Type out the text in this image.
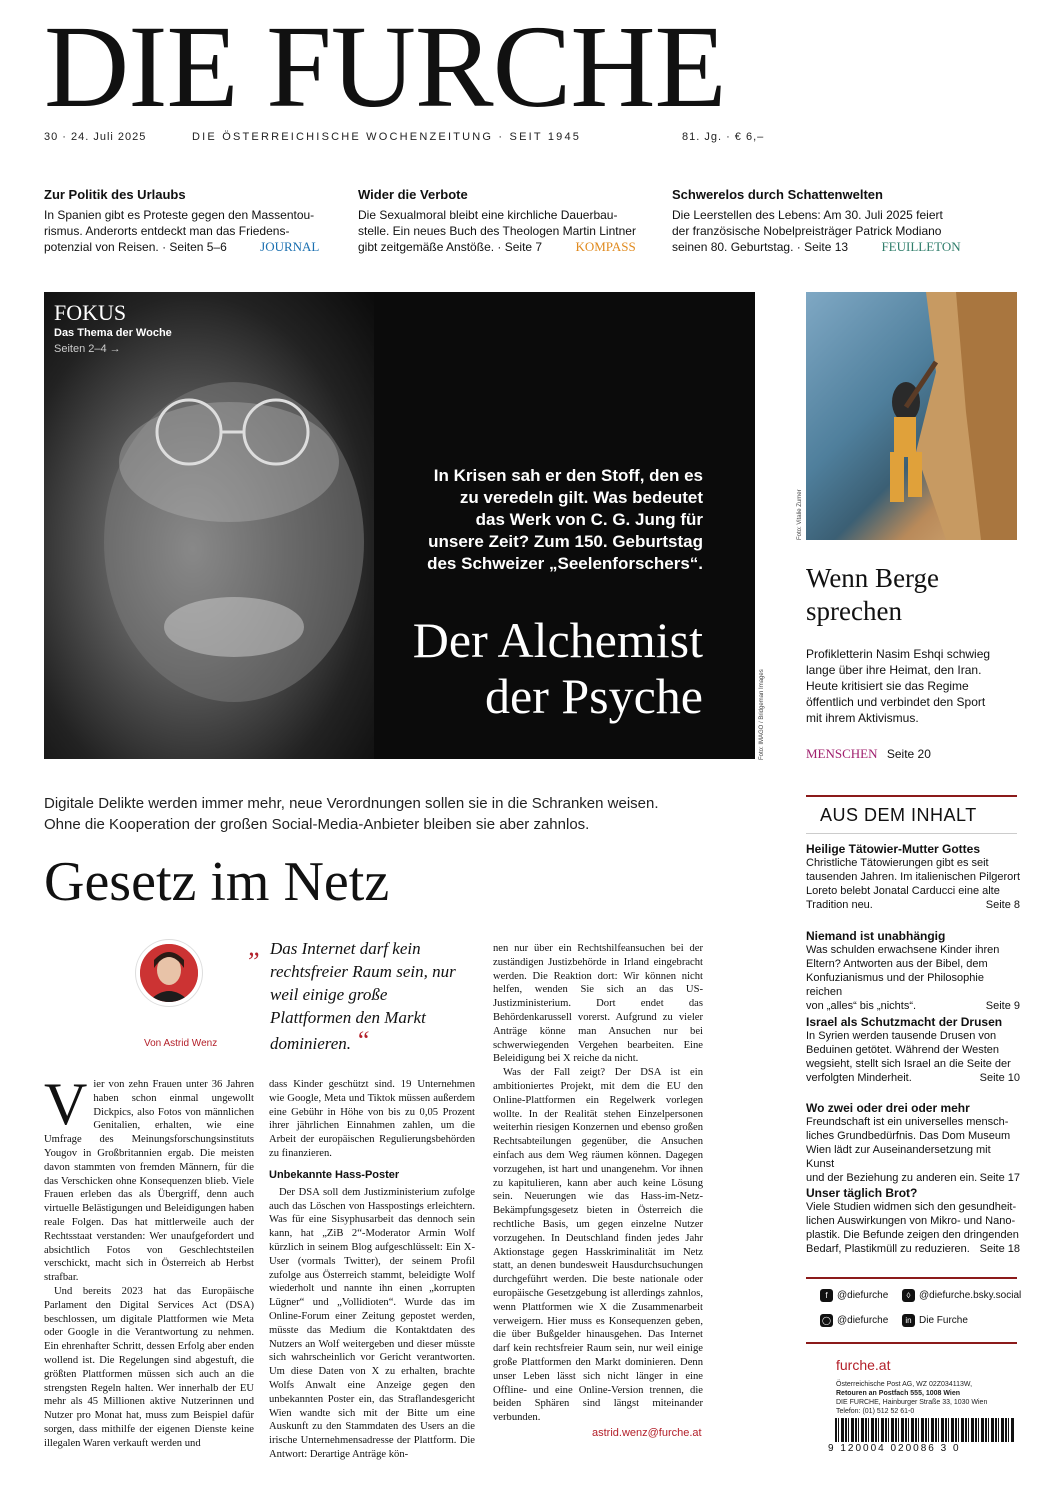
DIE FURCHE
30 · 24. Juli 2025	DIE ÖSTERREICHISCHE WOCHENZEITUNG · SEIT 1945	81. Jg. · € 6,–
Zur Politik des Urlaubs
In Spanien gibt es Proteste gegen den Massentou-
rismus. Anderorts entdeckt man das Friedens-
potenzial von Reisen. · Seiten 5–6	JOURNAL
Wider die Verbote
Die Sexualmoral bleibt eine kirchliche Dauerbau-
stelle. Ein neues Buch des Theologen Martin Lintner
gibt zeitgemäße Anstöße. · Seite 7	KOMPASS
Schwerelos durch Schattenwelten
Die Leerstellen des Lebens: Am 30. Juli 2025 feiert
der französische Nobelpreisträger Patrick Modiano
seinen 80. Geburtstag. · Seite 13	FEUILLETON
FOKUS
Das Thema der Woche
Seiten 2–4 →
In Krisen sah er den Stoff, den es
zu veredeln gilt. Was bedeutet
das Werk von C. G. Jung für
unsere Zeit? Zum 150. Geburtstag
des Schweizer „Seelenforschers“.
Der Alchemist
der Psyche	Foto: IMAGO / Bridgeman Images
Foto: Vitalie Zumer
Wenn Berge
sprechen
Profikletterin Nasim Eshqi schwieg
lange über ihre Heimat, den Iran.
Heute kritisiert sie das Regime
öffentlich und verbindet den Sport
mit ihrem Aktivismus.
MENSCHEN Seite 20
Digitale Delikte werden immer mehr, neue Verordnungen sollen sie in die Schranken weisen.
Ohne die Kooperation der großen Social-Media-Anbieter bleiben sie aber zahnlos.
Gesetz im Netz
Von Astrid Wenz
„ Das Internet darf kein rechtsfreier Raum sein, nur weil einige große Plattformen den Markt dominieren. “
V ier von zehn Frauen unter 36 Jahren haben schon einmal ungewollt Dickpics, also Fotos von männlichen Genitalien, erhalten, wie eine Umfrage des Meinungsforschungsinstituts Yougov in Großbritannien ergab. Die meisten davon stammten von fremden Männern, für die das Verschicken ohne Konsequenzen blieb. Viele Frauen erleben das als Übergriff, denn auch virtuelle Belästigungen und Beleidigungen haben reale Folgen. Das hat mittlerweile auch der Rechtsstaat verstanden: Wer unaufgefordert und absichtlich Fotos von Geschlechtsteilen verschickt, macht sich in Österreich ab Herbst strafbar.
Und bereits 2023 hat das Europäische Parlament den Digital Services Act (DSA) beschlossen, um digitale Plattformen wie Meta oder Google in die Verantwortung zu nehmen. Ein ehrenhafter Schritt, dessen Erfolg aber enden wollend ist. Die Regelungen sind abgestuft, die größten Plattformen müssen sich auch an die strengsten Regeln halten. Wer innerhalb der EU mehr als 45 Millionen aktive Nutzerinnen und Nutzer pro Monat hat, muss zum Beispiel dafür sorgen, dass mithilfe der eigenen Dienste keine illegalen Waren verkauft werden und
dass Kinder geschützt sind. 19 Unternehmen wie Google, Meta und Tiktok müssen außerdem eine Gebühr in Höhe von bis zu 0,05 Prozent ihrer jährlichen Einnahmen zahlen, um die Arbeit der europäischen Regulierungsbehörden zu finanzieren.
Unbekannte Hass-Poster
Der DSA soll dem Justizministerium zufolge auch das Löschen von Hasspostings erleichtern. Was für eine Sisyphusarbeit das dennoch sein kann, hat „ZiB 2“-Moderator Armin Wolf kürzlich in seinem Blog aufgeschlüsselt: Ein X-User (vormals Twitter), der seinem Profil zufolge aus Österreich stammt, beleidigte Wolf wiederholt und nannte ihn einen „korrupten Lügner“ und „Vollidioten“. Wurde das im Online-Forum einer Zeitung gepostet werden, müsste das Medium die Kontaktdaten des Nutzers an Wolf weitergeben und dieser müsste sich wahrscheinlich vor Gericht verantworten. Um diese Daten von X zu erhalten, brachte Wolfs Anwalt eine Anzeige gegen den unbekannten Poster ein, das Straflandesgericht Wien wandte sich mit der Bitte um eine Auskunft zu den Stammdaten des Users an die irische Unternehmensadresse der Plattform. Die Antwort: Derartige Anträge kön-
nen nur über ein Rechtshilfeansuchen bei der zuständigen Justizbehörde in Irland eingebracht werden. Die Reaktion dort: Wir können nicht helfen, wenden Sie sich an das US-Justizministerium. Dort endet das Behördenkarussell vorerst. Aufgrund zu vieler Anträge könne man Ansuchen nur bei schwerwiegenden Vergehen bearbeiten. Eine Beleidigung bei X reiche da nicht.
Was der Fall zeigt? Der DSA ist ein ambitioniertes Projekt, mit dem die EU den Online-Plattformen ein Regelwerk vorlegen wollte. In der Realität stehen Einzelpersonen weiterhin riesigen Konzernen und ebenso großen Rechtsabteilungen gegenüber, die Ansuchen einfach aus dem Weg räumen können. Dagegen vorzugehen, ist hart und unangenehm. Vor ihnen zu kapitulieren, kann aber auch keine Lösung sein. Neuerungen wie das Hass-im-Netz-Bekämpfungsgesetz bieten in Österreich die rechtliche Basis, um gegen einzelne Nutzer vorzugehen. In Deutschland finden jedes Jahr Aktionstage gegen Hasskriminalität im Netz statt, an denen bundesweit Hausdurchsuchungen durchgeführt werden. Die beste nationale oder europäische Gesetzgebung ist allerdings zahnlos, wenn Plattformen wie X die Zusammenarbeit verweigern. Hier muss es Konsequenzen geben, die über Bußgelder hinausgehen. Das Internet darf kein rechtsfreier Raum sein, nur weil einige große Plattformen den Markt dominieren. Denn unser Leben lässt sich nicht länger in eine Offline- und eine Online-Version trennen, die beiden Sphären sind längst miteinander verbunden.
astrid.wenz@furche.at
AUS DEM INHALT
Heilige Tätowier-Mutter Gottes
Christliche Tätowierungen gibt es seit
tausenden Jahren. Im italienischen Pilgerort
Loreto belebt Jonatal Carducci eine alte
Tradition neu.	Seite 8
Niemand ist unabhängig
Was schulden erwachsene Kinder ihren
Eltern? Antworten aus der Bibel, dem
Konfuzianismus und der Philosophie reichen
von „alles“ bis „nichts“.	Seite 9
Israel als Schutzmacht der Drusen
In Syrien werden tausende Drusen von
Beduinen getötet. Während der Westen
wegsieht, stellt sich Israel an die Seite der
verfolgten Minderheit.	Seite 10
Wo zwei oder drei oder mehr
Freundschaft ist ein universelles mensch-
liches Grundbedürfnis. Das Dom Museum
Wien lädt zur Auseinandersetzung mit Kunst
und der Beziehung zu anderen ein. Seite 17
Unser täglich Brot?
Viele Studien widmen sich den gesundheit-
lichen Auswirkungen von Mikro- und Nano-
plastik. Die Befunde zeigen den dringenden
Bedarf, Plastikmüll zu reduzieren. Seite 18
f @diefurche	◊ @diefurche.bsky.social
◯ @diefurche	in Die Furche
furche.at
Österreichische Post AG, WZ 02Z034113W,
Retouren an Postfach 555, 1008 Wien
DIE FURCHE, Hainburger Straße 33, 1030 Wien
Telefon: (01) 512 52 61-0
9 120004 020086 3 0
